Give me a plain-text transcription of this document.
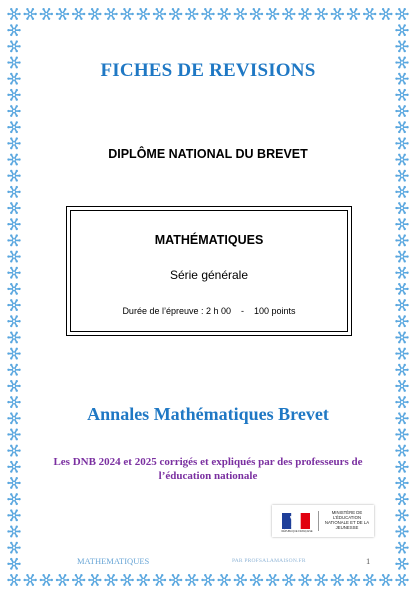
FICHES DE REVISIONS
DIPLÔME NATIONAL DU BREVET
MATHÉMATIQUES
Série générale
Durée de l’épreuve : 2 h 00    -    100 points
Annales Mathématiques Brevet
Les DNB 2024 et 2025 corrigés et expliqués par des professeurs de l’éducation nationale
RÉPUBLIQUE FRANÇAISE
MINISTÈRE DE L’ÉDUCATION NATIONALE ET DE LA JEUNESSE
MATHEMATIQUES	PAR PROFSALAMAISON.FR	1
